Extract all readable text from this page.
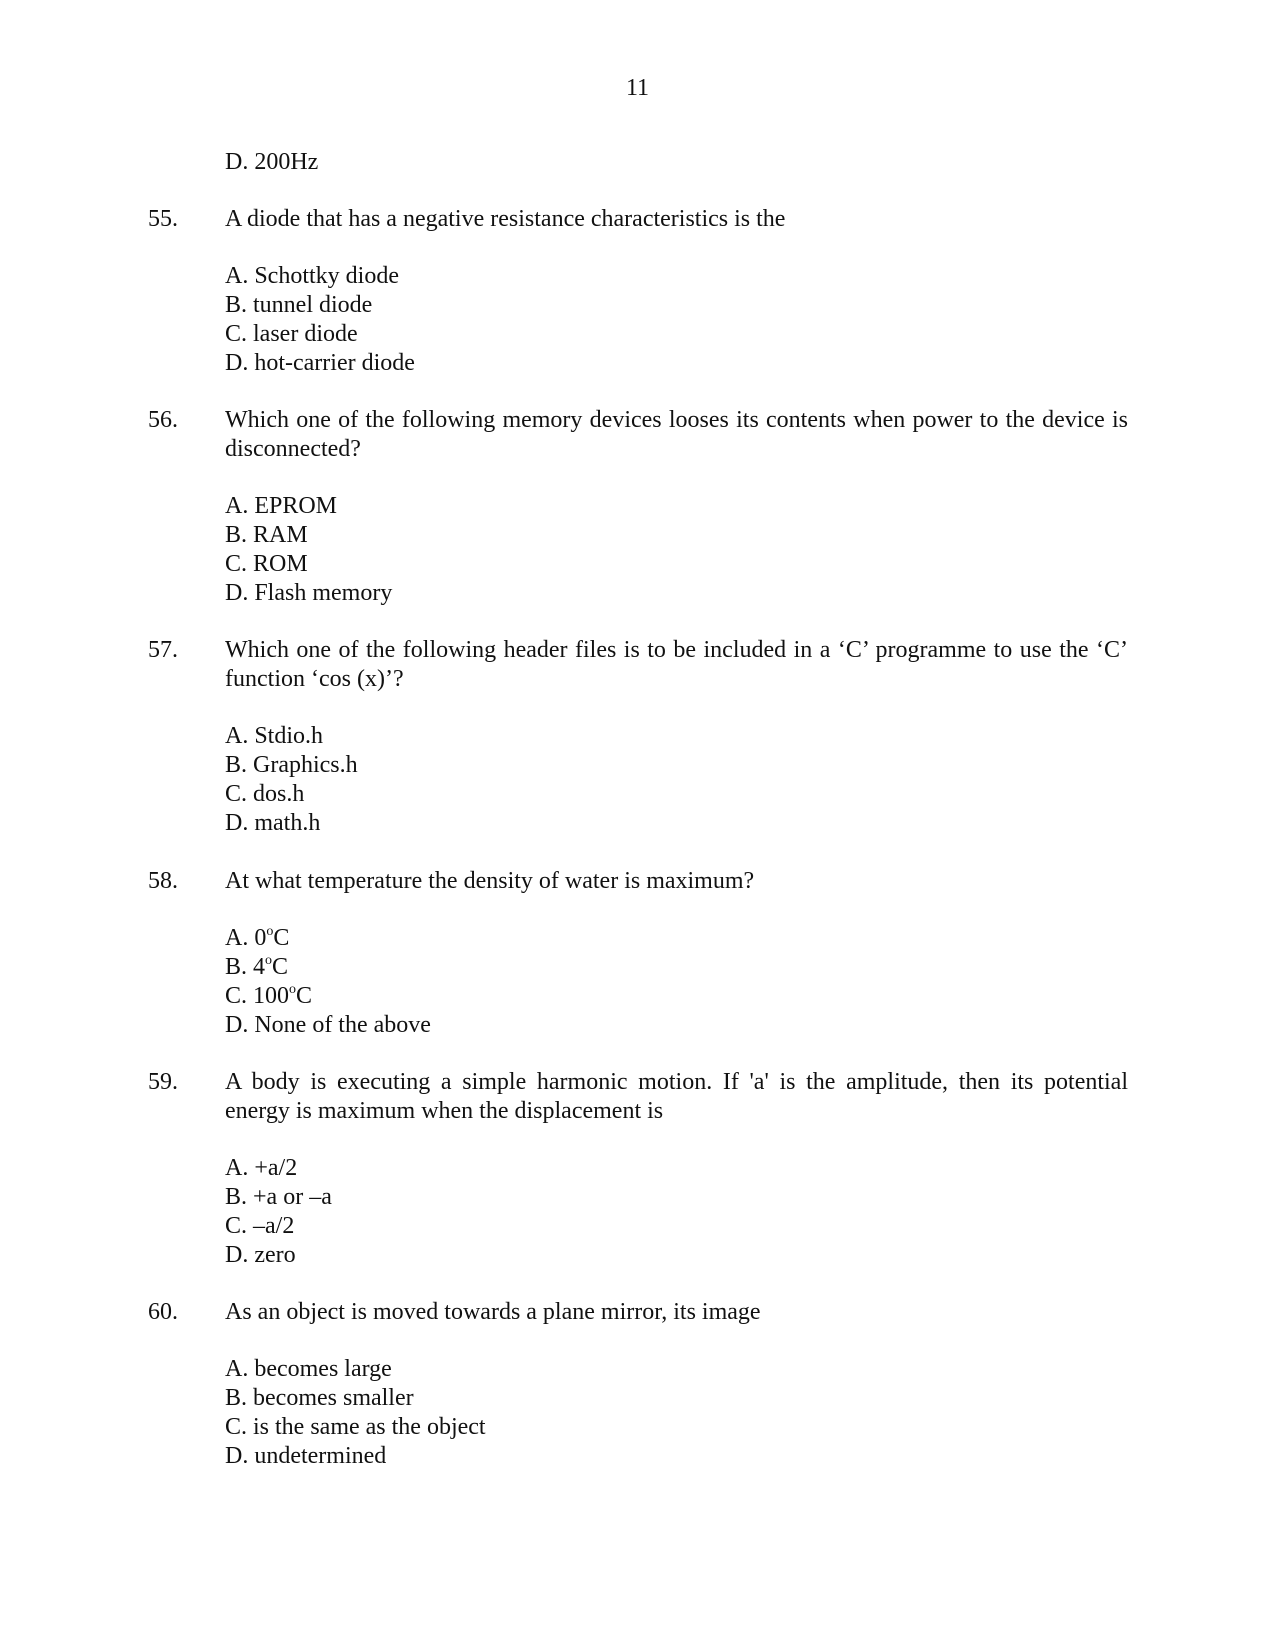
11
D. 200Hz
55. A diode that has a negative resistance characteristics is the
A. Schottky diode
B. tunnel diode
C. laser diode
D. hot-carrier diode
56. Which one of the following memory devices looses its contents when power to the device is disconnected?
A. EPROM
B. RAM
C. ROM
D. Flash memory
57. Which one of the following header files is to be included in a ‘C’ programme to use the ‘C’ function ‘cos (x)’?
A. Stdio.h
B. Graphics.h
C. dos.h
D. math.h
58. At what temperature the density of water is maximum?
A. 0$^o$C
B. 4$^o$C
C. 100$^o$C
D. None of the above
59. A body is executing a simple harmonic motion. If 'a' is the amplitude, then its potential energy is maximum when the displacement is
A. +a/2
B. +a or –a
C. –a/2
D. zero
60. As an object is moved towards a plane mirror, its image
A. becomes large
B. becomes smaller
C. is the same as the object
D. undetermined
